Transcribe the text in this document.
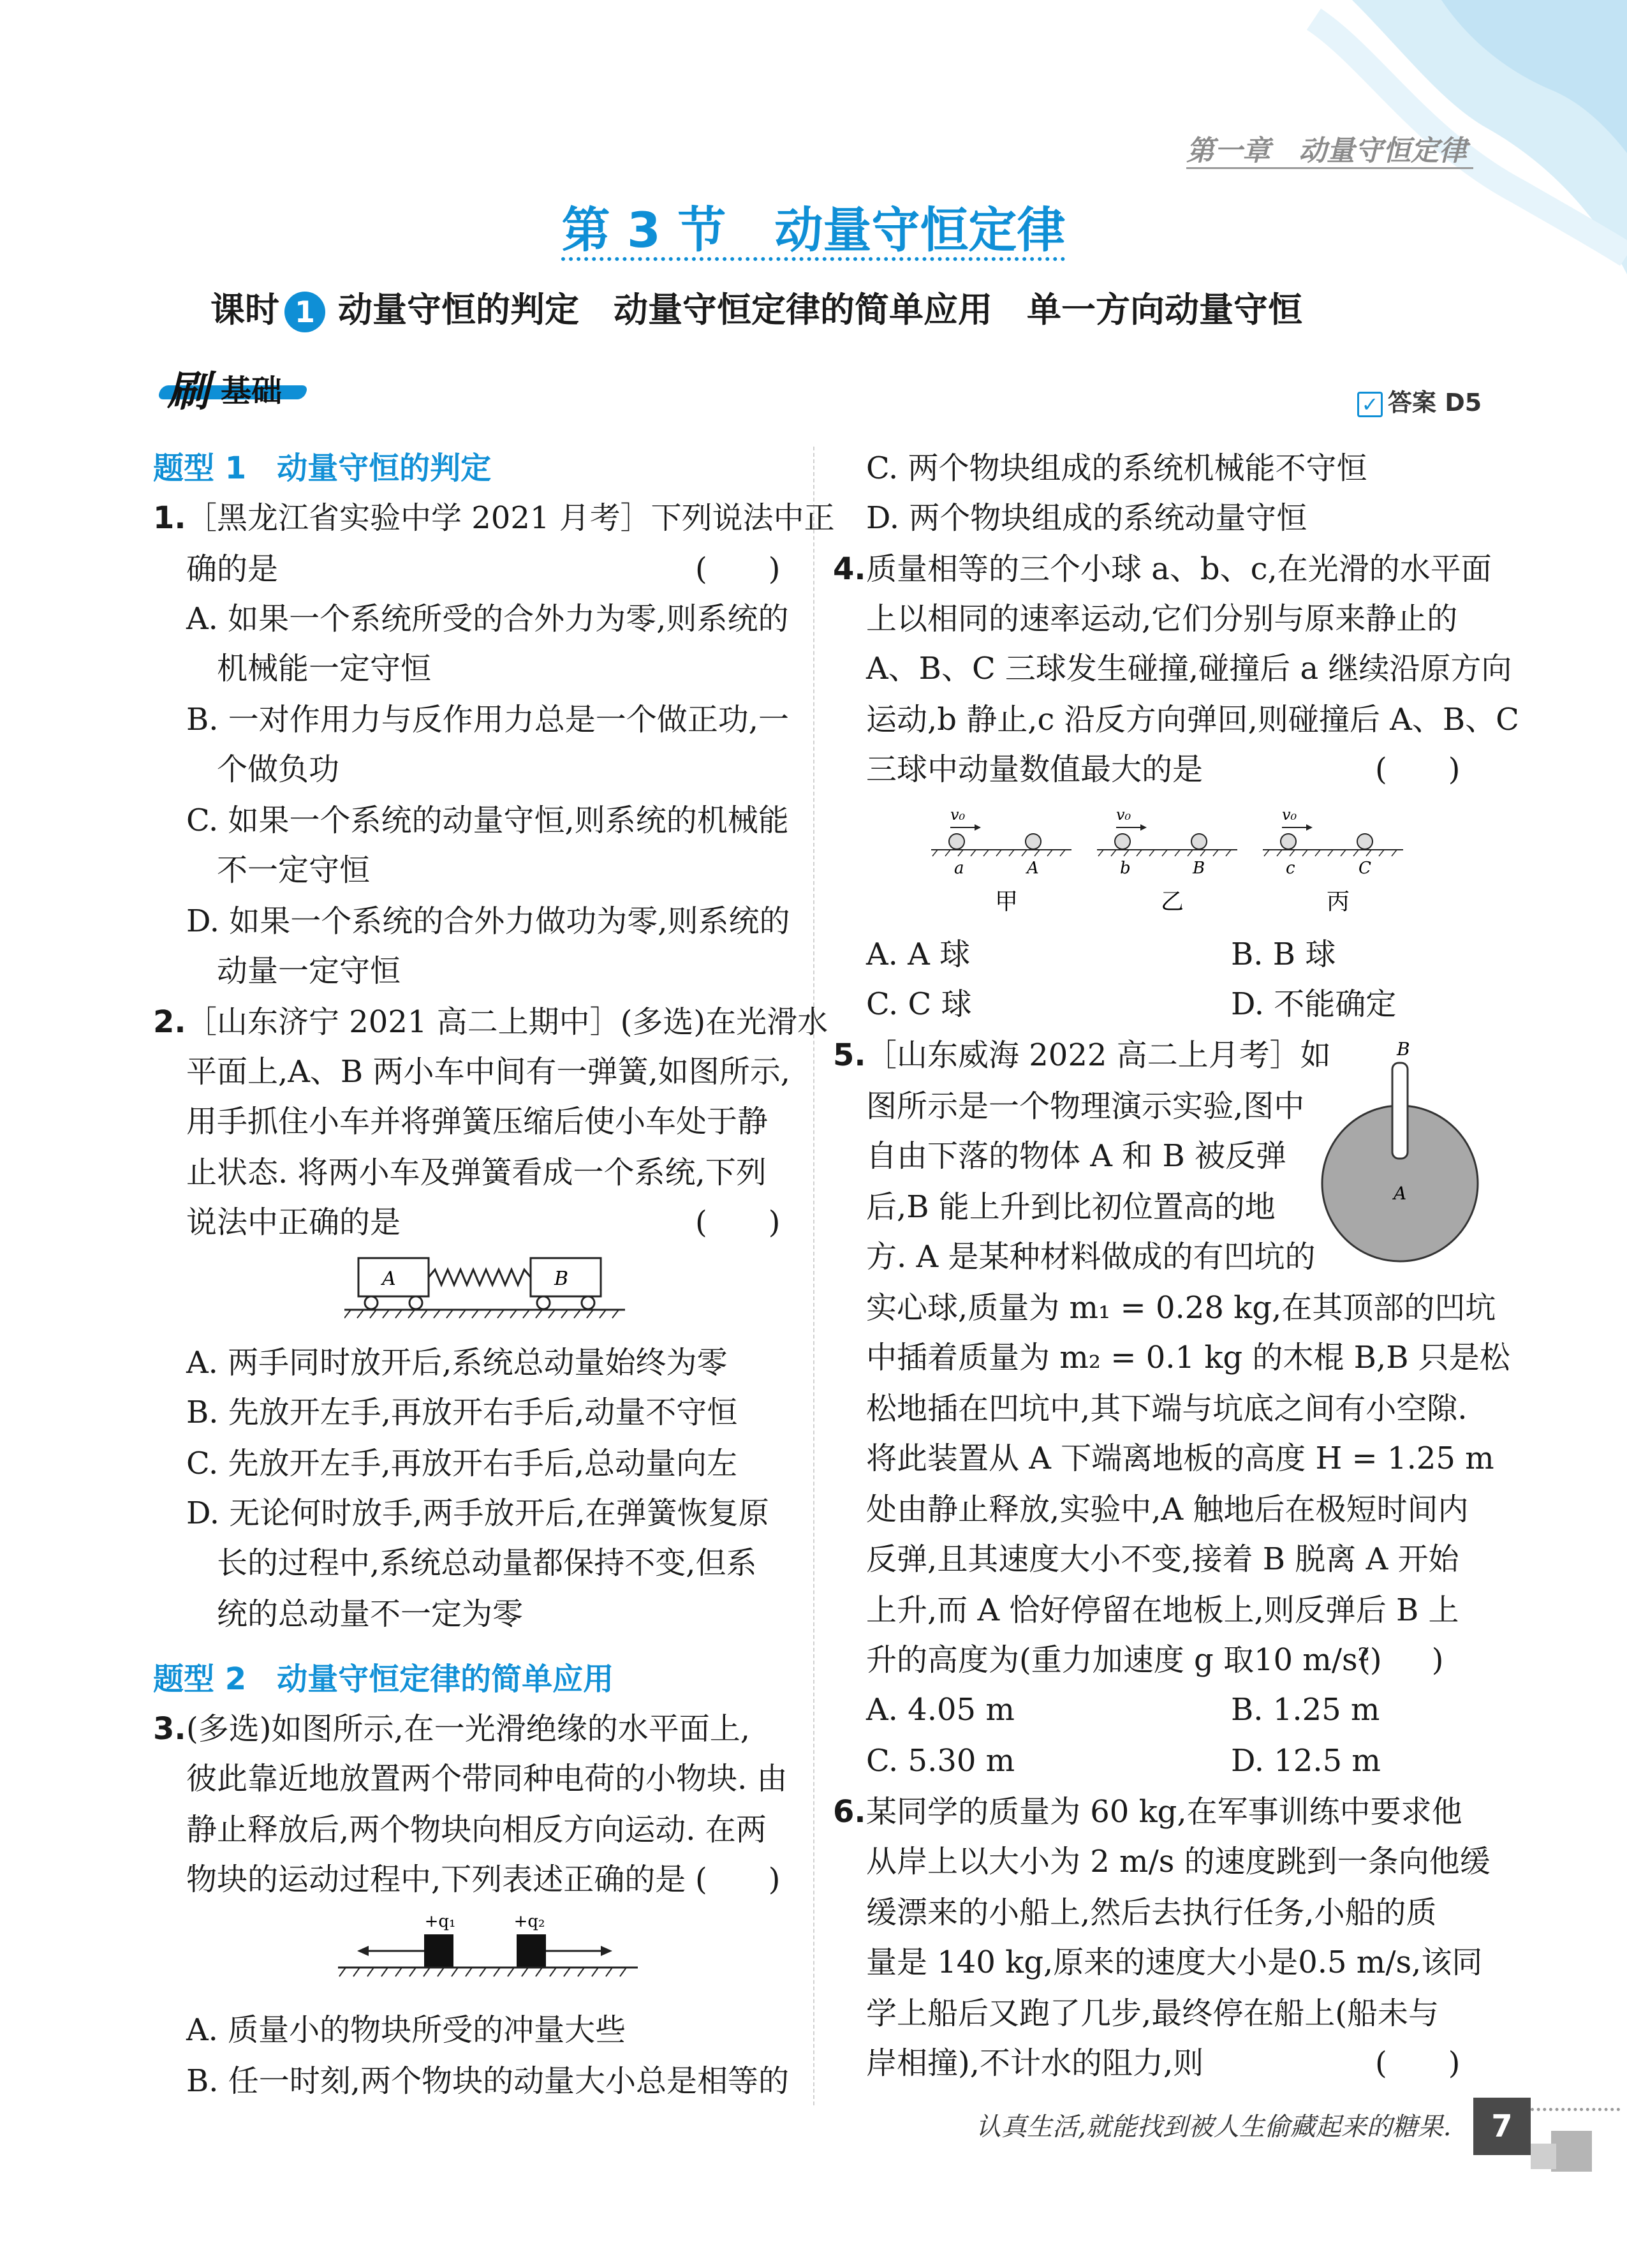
第一章　动量守恒定律
第 3 节　动量守恒定律
课时 1 动量守恒的判定　动量守恒定律的简单应用　单一方向动量守恒
刷 基础	✓ 答案 D5
题型 1　动量守恒的判定
1. ［黑龙江省实验中学 2021 月考］下列说法中正
确的是	(　　)
A. 如果一个系统所受的合外力为零,则系统的
机械能一定守恒
B. 一对作用力与反作用力总是一个做正功,一
个做负功
C. 如果一个系统的动量守恒,则系统的机械能
不一定守恒
D. 如果一个系统的合外力做功为零,则系统的
动量一定守恒
2. ［山东济宁 2021 高二上期中］(多选)在光滑水
平面上,A、B 两小车中间有一弹簧,如图所示,
用手抓住小车并将弹簧压缩后使小车处于静
止状态. 将两小车及弹簧看成一个系统,下列
说法中正确的是	(　　)
A	B
A. 两手同时放开后,系统总动量始终为零
B. 先放开左手,再放开右手后,动量不守恒
C. 先放开左手,再放开右手后,总动量向左
D. 无论何时放手,两手放开后,在弹簧恢复原
长的过程中,系统总动量都保持不变,但系
统的总动量不一定为零
题型 2　动量守恒定律的简单应用
3. (多选)如图所示,在一光滑绝缘的水平面上,
彼此靠近地放置两个带同种电荷的小物块. 由
静止释放后,两个物块向相反方向运动. 在两
物块的运动过程中,下列表述正确的是 (　　)
+q₁	+q₂
A. 质量小的物块所受的冲量大些
B. 任一时刻,两个物块的动量大小总是相等的
C. 两个物块组成的系统机械能不守恒
D. 两个物块组成的系统动量守恒
4. 质量相等的三个小球 a、b、c,在光滑的水平面
上以相同的速率运动,它们分别与原来静止的
A、B、C 三球发生碰撞,碰撞后 a 继续沿原方向
运动,b 静止,c 沿反方向弹回,则碰撞后 A、B、C
三球中动量数值最大的是	(　　)
v₀
a	A
甲
v₀
b	B
乙
v₀
c	C
丙
A. A 球	B. B 球
C. C 球	D. 不能确定
5. ［山东威海 2022 高二上月考］如
图所示是一个物理演示实验,图中
自由下落的物体 A 和 B 被反弹
后,B 能上升到比初位置高的地
方. A 是某种材料做成的有凹坑的
B
A
实心球,质量为 m₁ = 0.28 kg,在其顶部的凹坑
中插着质量为 m₂ = 0.1 kg 的木棍 B,B 只是松
松地插在凹坑中,其下端与坑底之间有小空隙.
将此装置从 A 下端离地板的高度 H = 1.25 m
处由静止释放,实验中,A 触地后在极短时间内
反弹,且其速度大小不变,接着 B 脱离 A 开始
上升,而 A 恰好停留在地板上,则反弹后 B 上
升的高度为(重力加速度 g 取10 m/s²)
(　　)
A. 4.05 m	B. 1.25 m
C. 5.30 m	D. 12.5 m
6. 某同学的质量为 60 kg,在军事训练中要求他
从岸上以大小为 2 m/s 的速度跳到一条向他缓
缓漂来的小船上,然后去执行任务,小船的质
量是 140 kg,原来的速度大小是0.5 m/s,该同
学上船后又跑了几步,最终停在船上(船未与
岸相撞),不计水的阻力,则	(　　)
认真生活,就能找到被人生偷藏起来的糖果.	7
